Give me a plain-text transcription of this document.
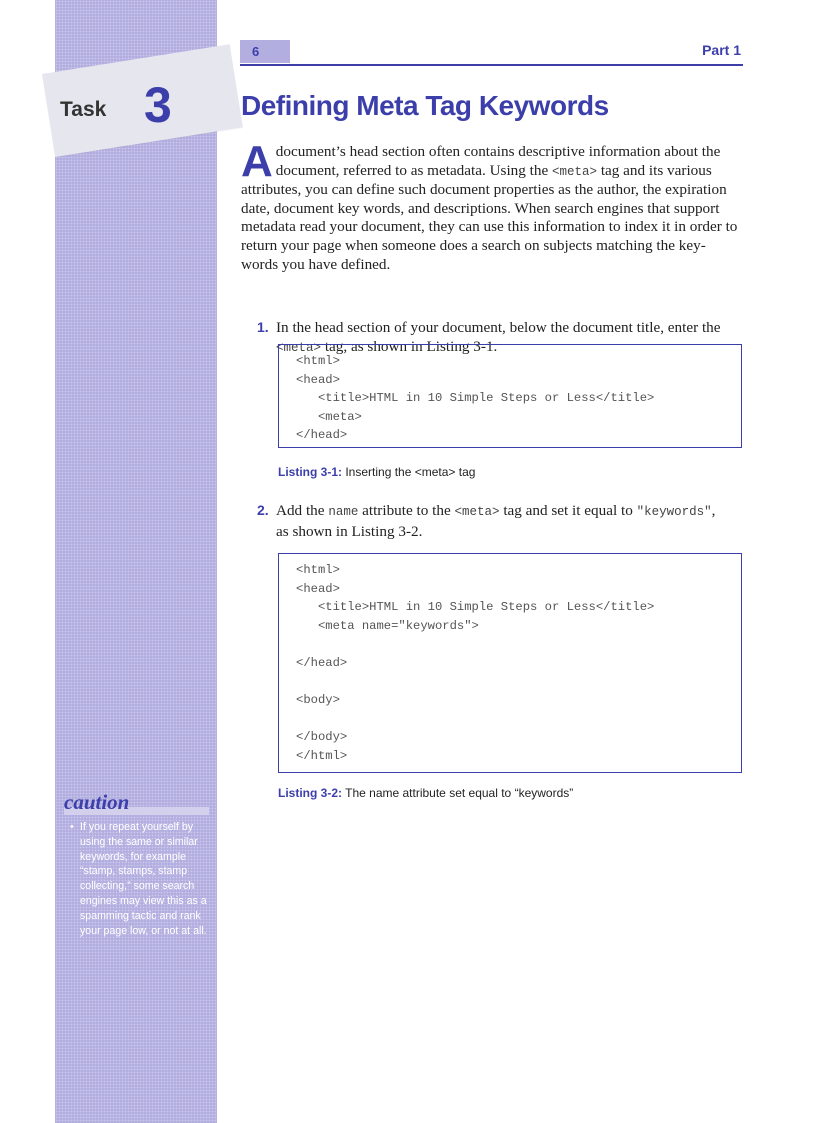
Task 3
6	Part 1
Defining Meta Tag Keywords

A document’s head section often contains descriptive information about the document, referred to as metadata. Using the <meta> tag and its various attributes, you can define such document properties as the author, the expiration date, document key words, and descriptions. When search engines that support metadata read your document, they can use this information to index it in order to return your page when someone does a search on subjects matching the key-words you have defined.

1. In the head section of your document, below the document title, enter the <meta> tag, as shown in Listing 3-1.

<html>
<head>
<title>HTML in 10 Simple Steps or Less</title>
<meta>
</head>
Listing 3-1: Inserting the <meta> tag

2. Add the name attribute to the <meta> tag and set it equal to "keywords", as shown in Listing 3-2.

<html>
<head>
<title>HTML in 10 Simple Steps or Less</title>
<meta name="keywords">
</head>
<body>
</body>
</html>
Listing 3-2: The name attribute set equal to “keywords”
caution
• If you repeat yourself by using the same or similar keywords, for example “stamp, stamps, stamp collecting,” some search engines may view this as a spamming tactic and rank your page low, or not at all.
